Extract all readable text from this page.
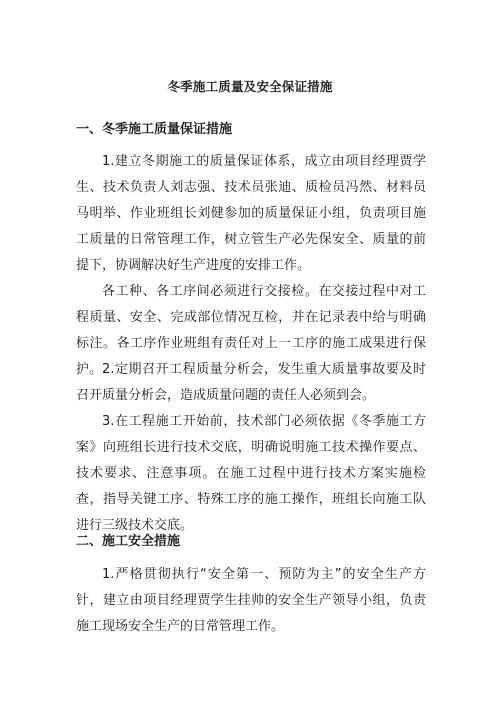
冬季施工质量及安全保证措施
一、冬季施工质量保证措施

1.建立冬期施工的质量保证体系，成立由项目经理贾学生、技术负责人刘志强、技术员张迪、质检员冯然、材料员马明举、作业班组长刘健参加的质量保证小组，负责项目施工质量的日常管理工作，树立管生产必先保安全、质量的前提下，协调解决好生产进度的安排工作。

各工种、各工序间必须进行交接检。在交接过程中对工程质量、安全、完成部位情况互检，并在记录表中给与明确标注。各工序作业班组有责任对上一工序的施工成果进行保护。 2.定期召开工程质量分析会，发生重大质量事故要及时召开质量分析会，造成质量问题的责任人必须到会。

3.在工程施工开始前，技术部门必须依据《冬季施工方案》向班组长进行技术交底，明确说明施工技术操作要点、技术要求、注意事项。在施工过程中进行技术方案实施检查，指导关键工序、特殊工序的施工操作，班组长向施工队进行三级技术交底。

二、施工安全措施

1.严格贯彻执行“安全第一、预防为主”的安全生产方针，建立由项目经理贾学生挂帅的安全生产领导小组，负责施工现场安全生产的日常管理工作。
